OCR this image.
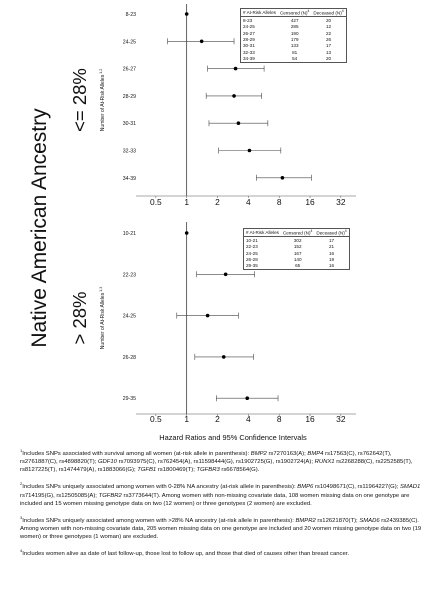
Native American Ancestry	0.5	1	2	4	8	16	32
8-23
24-25
26-27
28-29
30-31
32-33
34-39
<= 28% Number of At-Risk Alleles$^{1,2}$
0.5	1	2	4	8	16	32
10-21
22-23
24-25
26-28
29-35
> 28% Number of At-Risk Alleles$^{1,3}$
Hazard Ratios and 95% Confidence Intervals

$^1$Includes SNPs associated with survival among all women (at-risk allele in parenthesis): BMP2 rs7270163(A); BMP4 rs17563(C), rs762642(T), rs2761887(C), rs4898820(T); GDF10 rs7093975(C), rs762454(A), rs11598444(G), rs1902725(G), rs1902724(A); RUNX1 rs2268288(C), rs2252585(T), rs8127225(T), rs1474479(A), rs1883066(G); TGFB1 rs1800469(T); TGFBR3 rs6678564(G).

$^2$Includes SNPs uniquely associated among women with 0-28% NA ancestry (at-risk allele in parenthesis): BMP6 rs10498671(C), rs11964227(G); SMAD1 rs714195(G), rs12505085(A); TGFBR2 rs3773644(T). Among women with non-missing covariate data, 108 women missing data on one genotype are included and 15 women missing genotype data on two (12 women) or three genotypes (2 women) are excluded.

$^3$Includes SNPs uniquely associated among women with >28% NA ancestry (at-risk allele in parenthesis): BMPR2 rs12621870(T); SMAD6 rs2439385(C). Among women with non-missing covariate data, 205 women missing data on one genotype are included and 20 women missing genotype data on two (19 women) or three genotypes (1 woman) are excluded.

$^4$Includes women alive as date of last follow-up, those lost to follow up, and those that died of causes other than breast cancer.

# At-Risk Alleles	Censored $(N)^4$	Deceased $(N)^4$
8-23	427	20
24-25	285	12
26-27	190	22
28-29	179	26
30-31	133	17
32-33	81	13
34-39	54	20
# At-Risk Alleles	Censored $(N)^4$	Deceased $(N)^4$
10-21	302	17
22-23	152	21
24-25	167	16
26-28	140	19
29-35	65	16
